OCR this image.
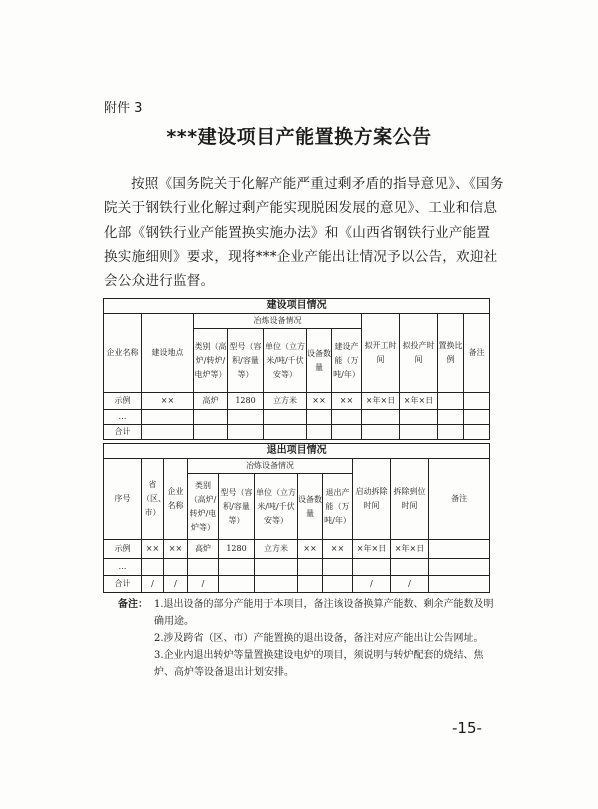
附件 3
***建设项目产能置换方案公告
按照《国务院关于化解产能严重过剩矛盾的指导意见》、《国务院关于钢铁行业化解过剩产能实现脱困发展的意见》、工业和信息化部《钢铁行业产能置换实施办法》和《山西省钢铁行业产能置换实施细则》要求，现将***企业产能出让情况予以公告，欢迎社会公众进行监督。
建设项目情况										
企业名称	建设地点	冶炼设备情况					拟开工时间	拟投产时间	置换比例	备注
		类别（高炉/转炉/电炉等）	型号（容积/容量等）	单位（立方米/吨/千伏安等）	设备数量	建设产能（万吨/年）				
示例	××	高炉	1280	立方米	××	××	×年×日	×年×日		
…										
合计										
退出项目情况										
序号	省（区、市）	企业名称	冶炼设备情况					启动拆除时间	拆除到位时间	备注
			类别（高炉/转炉/电炉等）	型号（容积/容量等）	单位（立方米/吨/千伏安等）	设备数量	退出产能（万吨/年）			
示例	××	××	高炉	1280	立方米	××	××	×年×日	×年×日	
…										
合计	/	/	/					/	/	
备注： 1.退出设备的部分产能用于本项目，备注该设备换算产能数、剩余产能数及明确用途。
2.涉及跨省（区、市）产能置换的退出设备，备注对应产能出让公告网址。
3.企业内退出转炉等量置换建设电炉的项目，须说明与转炉配套的烧结、焦炉、高炉等设备退出计划安排。
-15-
